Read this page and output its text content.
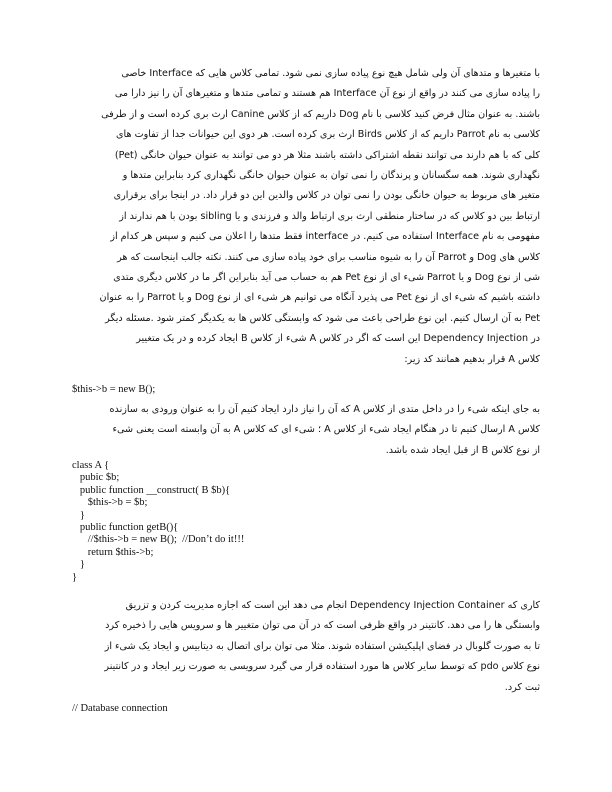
با متغیرها و متدهای آن ولی شامل هیچ نوع پیاده سازی نمی شود. تمامی کلاس هایی که Interface خاصی
را پیاده سازی می کنند در واقع از نوع آن Interface هم هستند و تمامی متدها و متغیرهای آن را نیز دارا می
باشند. به عنوان مثال فرض کنید کلاسی با نام Dog داریم که از کلاس Canine ارث بری کرده است و از طرفی
کلاسی به نام Parrot داریم که از کلاس Birds ارث بری کرده است. هر دوی این حیوانات جدا از تفاوت های
کلی که با هم دارند می توانند نقطه اشتراکی داشته باشند مثلا هر دو می توانند به عنوان حیوان خانگی (Pet)
نگهداری شوند. همه سگسانان و پرندگان را نمی توان به عنوان حیوان خانگی نگهداری کرد بنابراین متدها و
متغیر های مربوط به حیوان خانگی بودن را نمی توان در کلاس والدین این دو قرار داد. در اینجا برای برقراری
ارتباط بین دو کلاس که در ساختار منطقی ارث بری ارتباط والد و فرزندی و یا sibling بودن با هم ندارند از
مفهومی به نام Interface استفاده می کنیم. در interface فقط متدها را اعلان می کنیم و سپس هر کدام از
کلاس های Dog و Parrot آن را به شیوه مناسب برای خود پیاده سازی می کنند. نکته جالب اینجاست که هر
شی از نوع Dog و یا Parrot شیء ای از نوع Pet هم به حساب می آید بنابراین اگر ما در کلاس دیگری متدی
داشته باشیم که شیء ای از نوع Pet می پذیرد آنگاه می توانیم هر شیء ای از نوع Dog و یا Parrot را به عنوان
Pet به آن ارسال کنیم. این نوع طراحی باعث می شود که وابستگی کلاس ها به یکدیگر کمتر شود .مسئله دیگر
در Dependency Injection این است که اگر در کلاس A شیء از کلاس B ایجاد کرده و در یک متغییر
کلاس A قرار بدهیم همانند کد زیر:
$this->b = new B();
به جای اینکه شیء را در داخل متدی از کلاس A که آن را نیاز دارد ایجاد کنیم آن را به عنوان ورودی به سازنده
کلاس A ارسال کنیم تا در هنگام ایجاد شیء از کلاس A ؛ شیء ای که کلاس A به آن وابسته است یعنی شیء
از نوع کلاس B از قبل ایجاد شده باشد.
class A {
pubic $b;
public function __construct( B $b){
$this->b = $b;
}
public function getB(){
//$this->b = new B();  //Don’t do it!!!
return $this->b;
}
}
کاری که Dependency Injection Container انجام می دهد این است که اجازه مدیریت کردن و تزریق
وابستگی ها را می دهد. کانتینر در واقع ظرفی است که در آن می توان متغییر ها و سرویس هایی را ذخیره کرد
تا به صورت گلوبال در فضای اپلیکیشن استفاده شوند. مثلا می توان برای اتصال به دیتابیس و ایجاد یک شیء از
نوع کلاس pdo که توسط سایر کلاس ها مورد استفاده قرار می گیرد سرویسی به صورت زیر ایجاد و در کانتینر
ثبت کرد.
// Database connection
